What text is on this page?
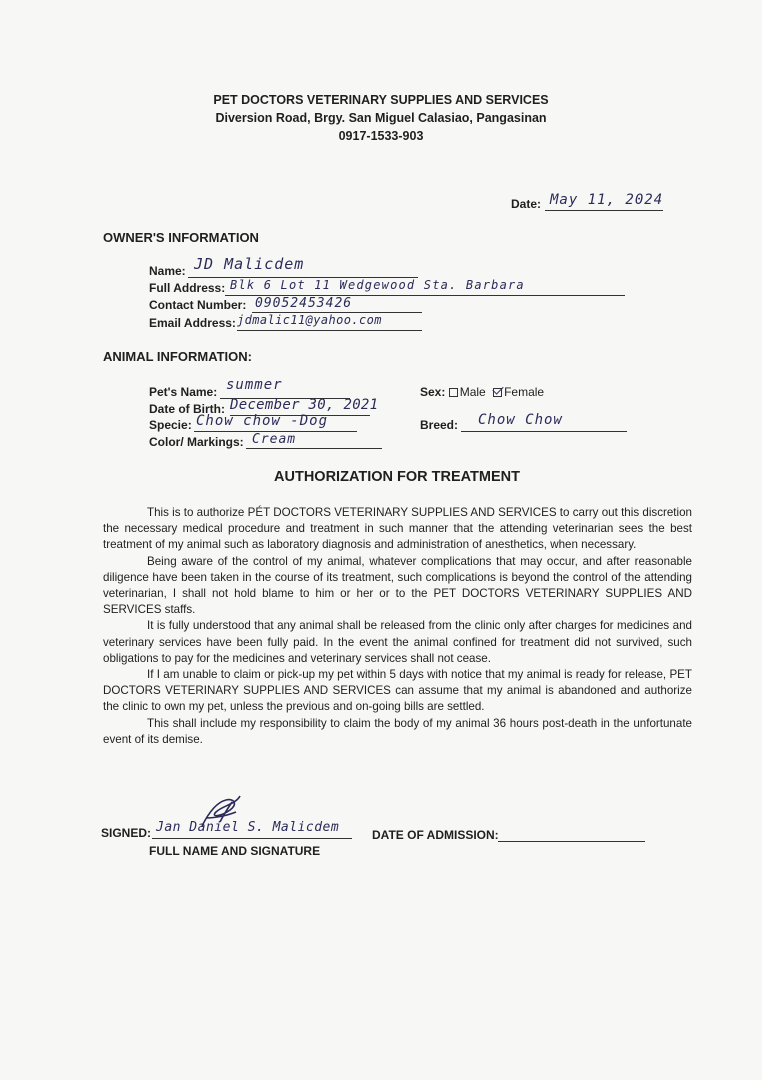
PET DOCTORS VETERINARY SUPPLIES AND SERVICES
Diversion Road, Brgy. San Miguel Calasiao, Pangasinan
0917-1533-903
Date: May 11, 2024
OWNER'S INFORMATION
Name: JD Malicdem
Full Address: Blk 6 Lot 11 Wedgewood Sta. Barbara
Contact Number: 09052453426
Email Address: jdmalic11@yahoo.com
ANIMAL INFORMATION:
Pet's Name: summer
Date of Birth: December 30, 2021
Specie: Chow chow -Dog
Color/ Markings: Cream
Sex: Male Female
Breed: Chow Chow
AUTHORIZATION FOR TREATMENT

This is to authorize PÉT DOCTORS VETERINARY SUPPLIES AND SERVICES to carry out this discretion the necessary medical procedure and treatment in such manner that the attending veterinarian sees the best treatment of my animal such as laboratory diagnosis and administration of anesthetics, when necessary.

Being aware of the control of my animal, whatever complications that may occur, and after reasonable diligence have been taken in the course of its treatment, such complications is beyond the control of the attending veterinarian, I shall not hold blame to him or her or to the PET DOCTORS VETERINARY SUPPLIES AND SERVICES staffs.

It is fully understood that any animal shall be released from the clinic only after charges for medicines and veterinary services have been fully paid. In the event the animal confined for treatment did not survived, such obligations to pay for the medicines and veterinary services shall not cease.

If I am unable to claim or pick-up my pet within 5 days with notice that my animal is ready for release, PET DOCTORS VETERINARY SUPPLIES AND SERVICES can assume that my animal is abandoned and authorize the clinic to own my pet, unless the previous and on-going bills are settled.

This shall include my responsibility to claim the body of my animal 36 hours post-death in the unfortunate event of its demise.

SIGNED: Jan Daniel S. Malicdem
FULL NAME AND SIGNATURE
DATE OF ADMISSION:
